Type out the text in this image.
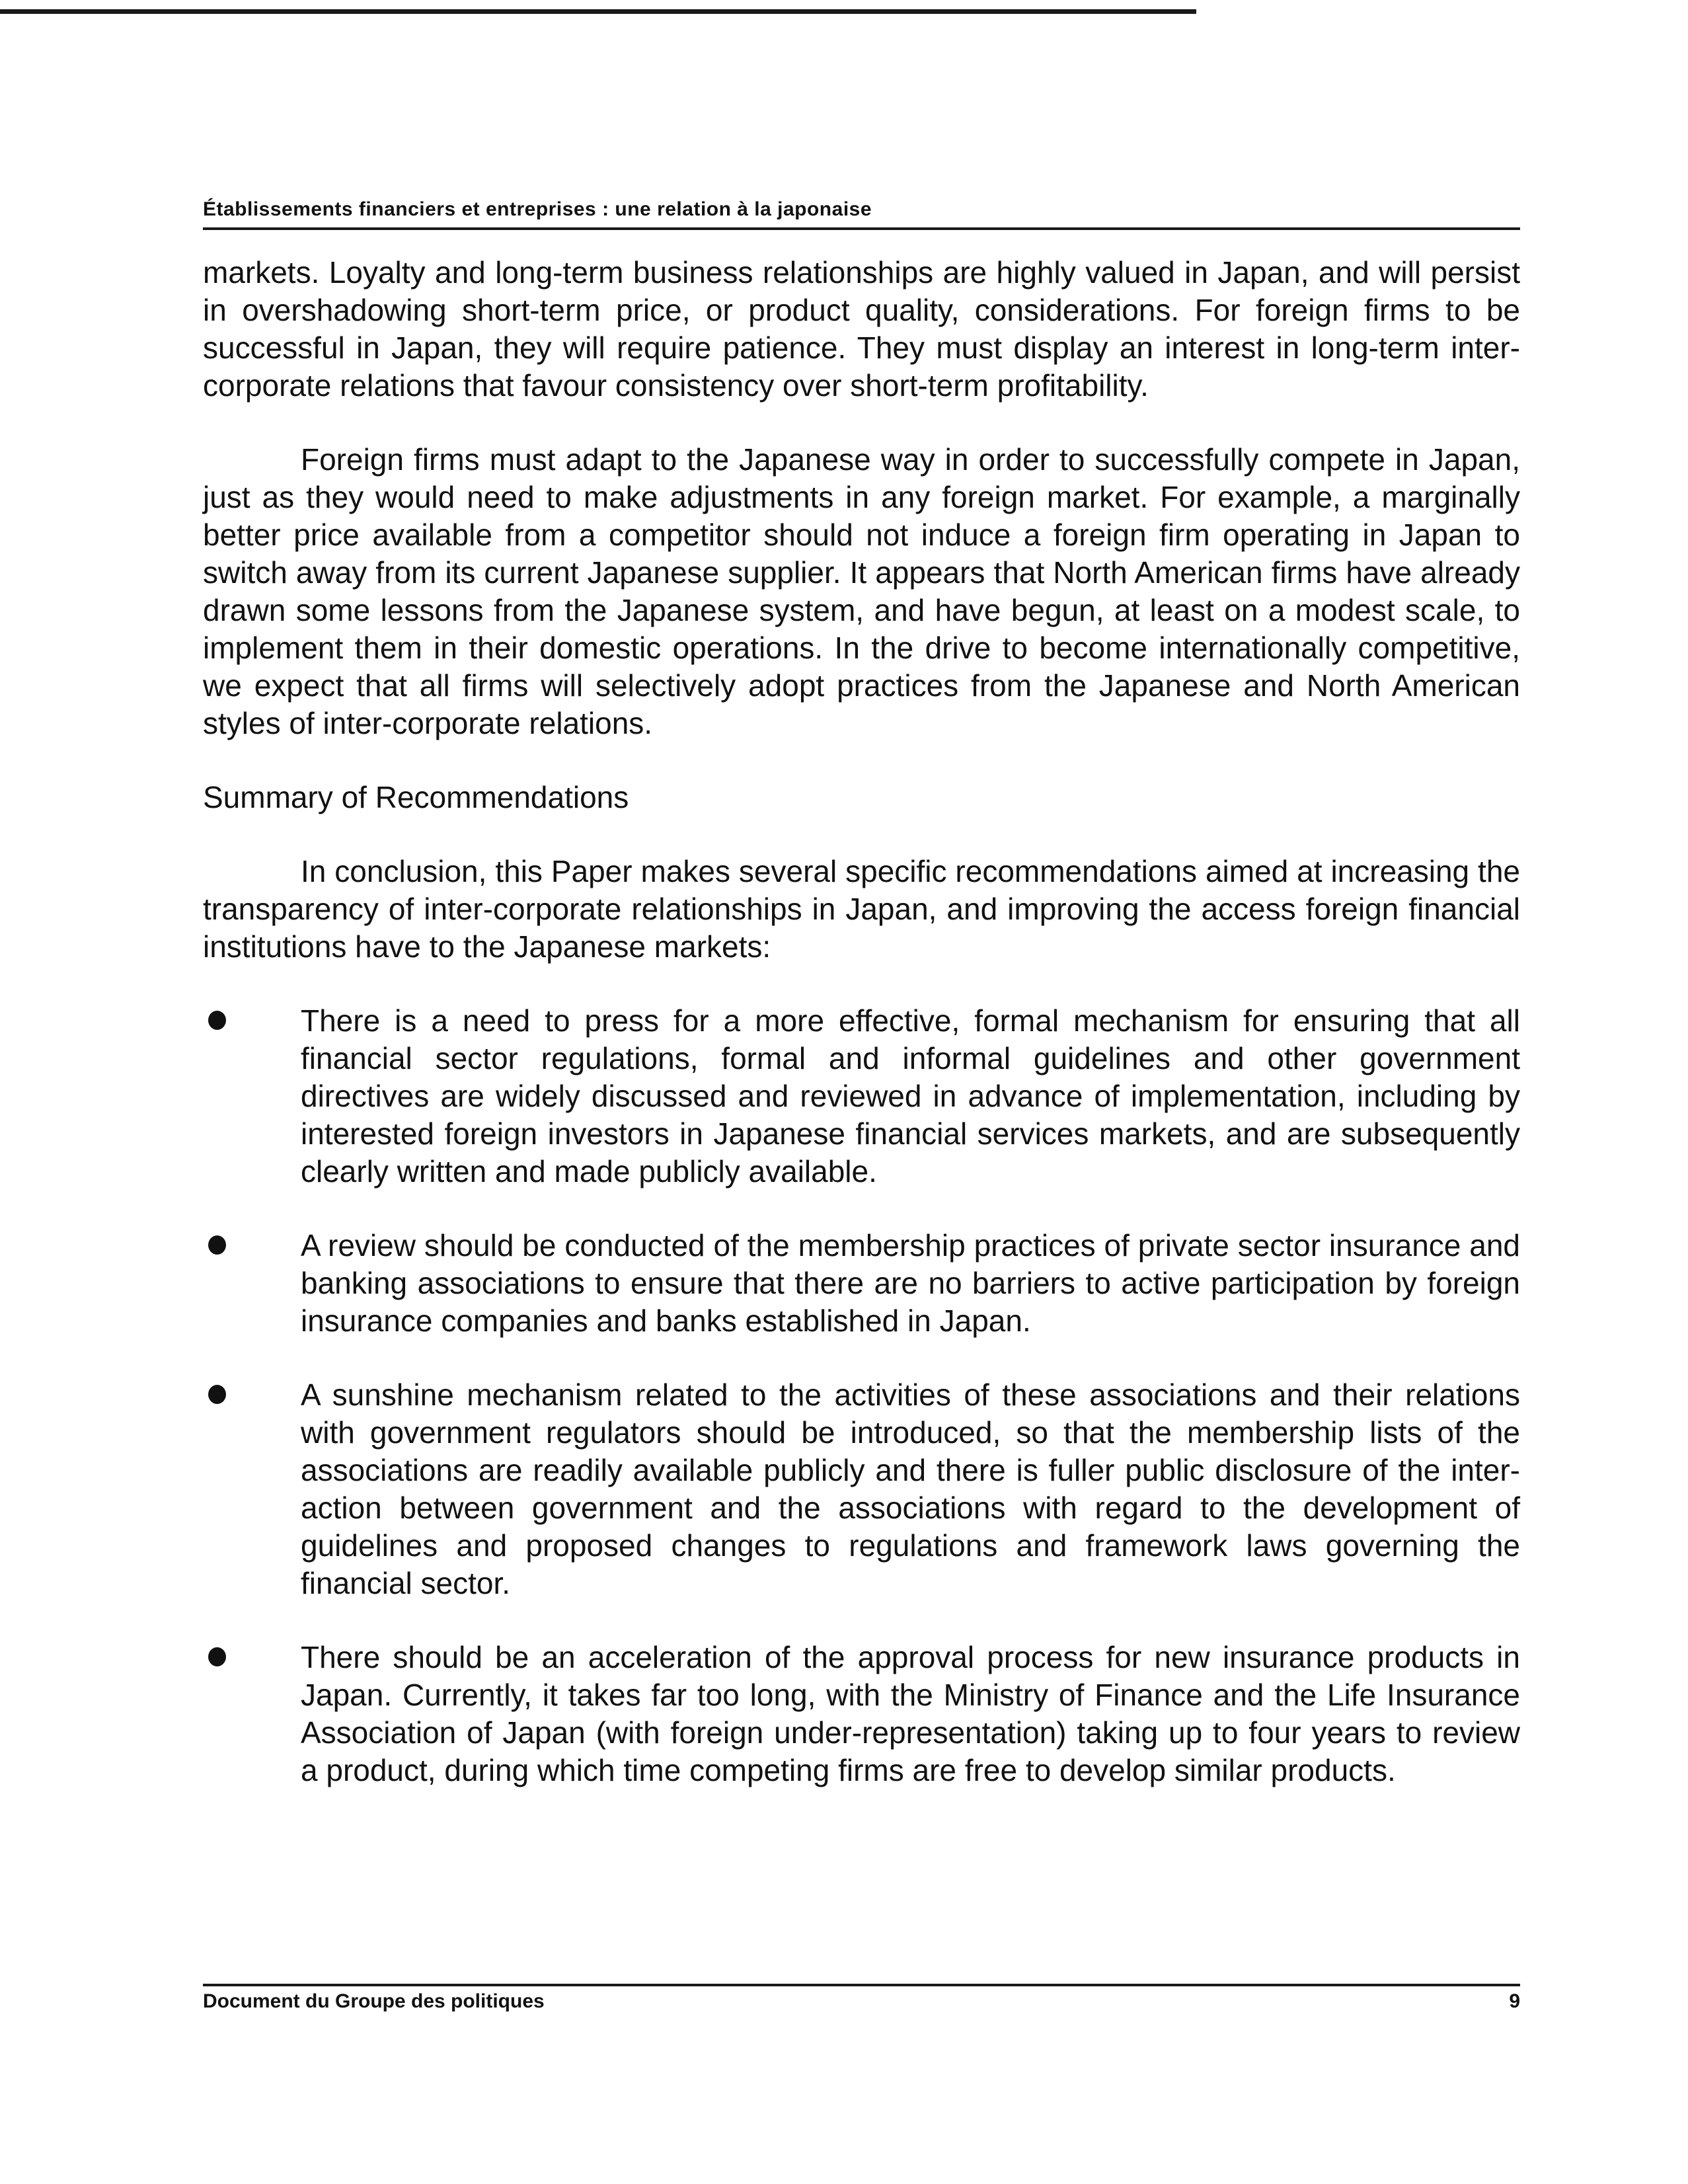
Établissements financiers et entreprises : une relation à la japonaise

markets. Loyalty and long-term business relationships are highly valued in Japan, and will persist in overshadowing short-term price, or product quality, considerations. For foreign firms to be successful in Japan, they will require patience. They must display an interest in long-term inter-corporate relations that favour consistency over short-term profitability.

Foreign firms must adapt to the Japanese way in order to successfully compete in Japan, just as they would need to make adjustments in any foreign market. For example, a marginally better price available from a competitor should not induce a foreign firm operating in Japan to switch away from its current Japanese supplier. It appears that North American firms have already drawn some lessons from the Japanese system, and have begun, at least on a modest scale, to implement them in their domestic operations. In the drive to become internationally competitive, we expect that all firms will selectively adopt practices from the Japanese and North American styles of inter-corporate relations.

Summary of Recommendations

In conclusion, this Paper makes several specific recommendations aimed at increasing the transparency of inter-corporate relationships in Japan, and improving the access foreign financial institutions have to the Japanese markets:

There is a need to press for a more effective, formal mechanism for ensuring that all financial sector regulations, formal and informal guidelines and other government directives are widely discussed and reviewed in advance of implementation, including by interested foreign investors in Japanese financial services markets, and are subsequently clearly written and made publicly available.
A review should be conducted of the membership practices of private sector insurance and banking associations to ensure that there are no barriers to active participation by foreign insurance companies and banks established in Japan.
A sunshine mechanism related to the activities of these associations and their relations with government regulators should be introduced, so that the membership lists of the associations are readily available publicly and there is fuller public disclosure of the inter-action between government and the associations with regard to the development of guidelines and proposed changes to regulations and framework laws governing the financial sector.
There should be an acceleration of the approval process for new insurance products in Japan. Currently, it takes far too long, with the Ministry of Finance and the Life Insurance Association of Japan (with foreign under-representation) taking up to four years to review a product, during which time competing firms are free to develop similar products.
Document du Groupe des politiques	9
